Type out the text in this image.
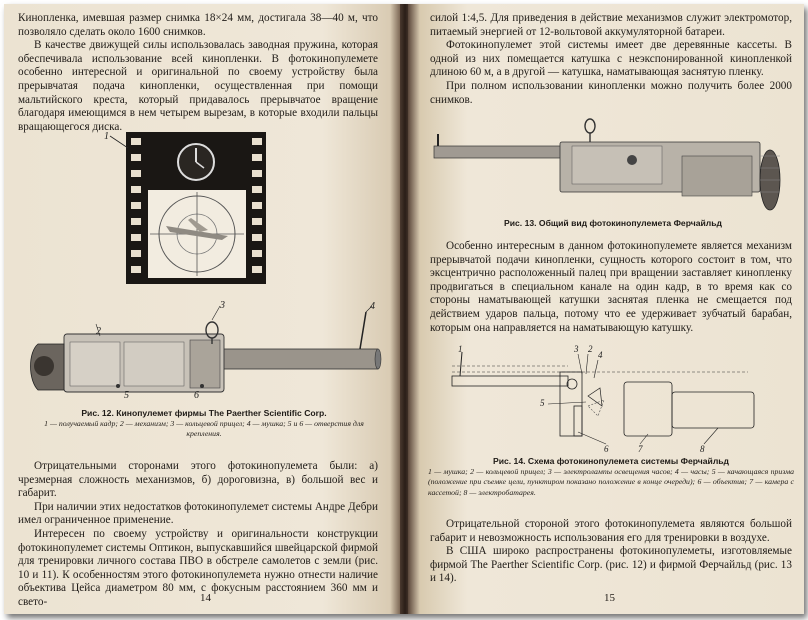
Кинопленка, имевшая размер снимка 18×24 мм, достигала 38—40 м, что позволяло сделать около 1600 снимков.

В качестве движущей силы использовалась заводная пружина, которая обеспечивала использование всей кинопленки. В фотокинопулемете особенно интересной и оригинальной по своему устройству была прерывчатая подача кинопленки, осуществленная при помощи мальтийского креста, который придавалось прерывчатое вращение благодаря имеющимся в нем четырем вырезам, в которые входили пальцы вращающегося диска.

1
2
3	4
5	6
Рис. 12. Кинопулемет фирмы The Paerther Scientific Corp.
1 — получаемый кадр; 2 — механизм; 3 — кольцевой прицел; 4 — мушка; 5 и 6 — отверстия для крепления.

Отрицательными сторонами этого фотокинопулемета были: а) чрезмерная сложность механизмов, б) дороговизна, в) большой вес и габарит.

При наличии этих недостатков фотокинопулемет системы Андре Дебри имел ограниченное применение.

Интересен по своему устройству и оригинальности конструкции фотокинопулемет системы Оптикон, выпускавшийся швейцарской фирмой для тренировки личного состава ПВО в обстреле самолетов с земли (рис. 10 и 11). К особенностям этого фотокинопулемета нужно отнести наличие объектива Цейса диаметром 80 мм, с фокусным расстоянием 360 мм и свето-	14

силой 1:4,5. Для приведения в действие механизмов служит электромотор, питаемый энергией от 12-вольтовой аккумуляторной батареи.

Фотокинопулемет этой системы имеет две деревянные кассеты. В одной из них помещается катушка с неэкспонированной кинопленкой длиною 60 м, а в другой — катушка, наматывающая заснятую пленку.

При полном использовании кинопленки можно получить более 2000 снимков.

Рис. 13. Общий вид фотокинопулемета Ферчайльд

Особенно интересным в данном фотокинопулемете является механизм прерывчатой подачи кинопленки, сущность которого состоит в том, что эксцентрично расположенный палец при вращении заставляет кинопленку продвигаться в специальном канале на один кадр, в то время как со стороны наматывающей катушки заснятая пленка не смещается под действием ударов пальца, потому что ее удерживает зубчатый барабан, которым она направляется на наматывающую катушку.

1	2
3
4
5
6	7	8
Рис. 14. Схема фотокинопулемета системы Ферчайльд
1 — мушка; 2 — кольцевой прицел; 3 — электролампы освещения часов; 4 — часы; 5 — качающаяся призма (положение при съемке цели, пунктиром показано положение в конце очереди); 6 — объектив; 7 — камера с кассетой; 8 — электробатарея.

Отрицательной стороной этого фотокинопулемета являются большой габарит и невозможность использования его для тренировки в воздухе.

В США широко распространены фотокинопулеметы, изготовляемые фирмой The Paerther Scientific Corp. (рис. 12) и фирмой Ферчайльд (рис. 13 и 14).

15
